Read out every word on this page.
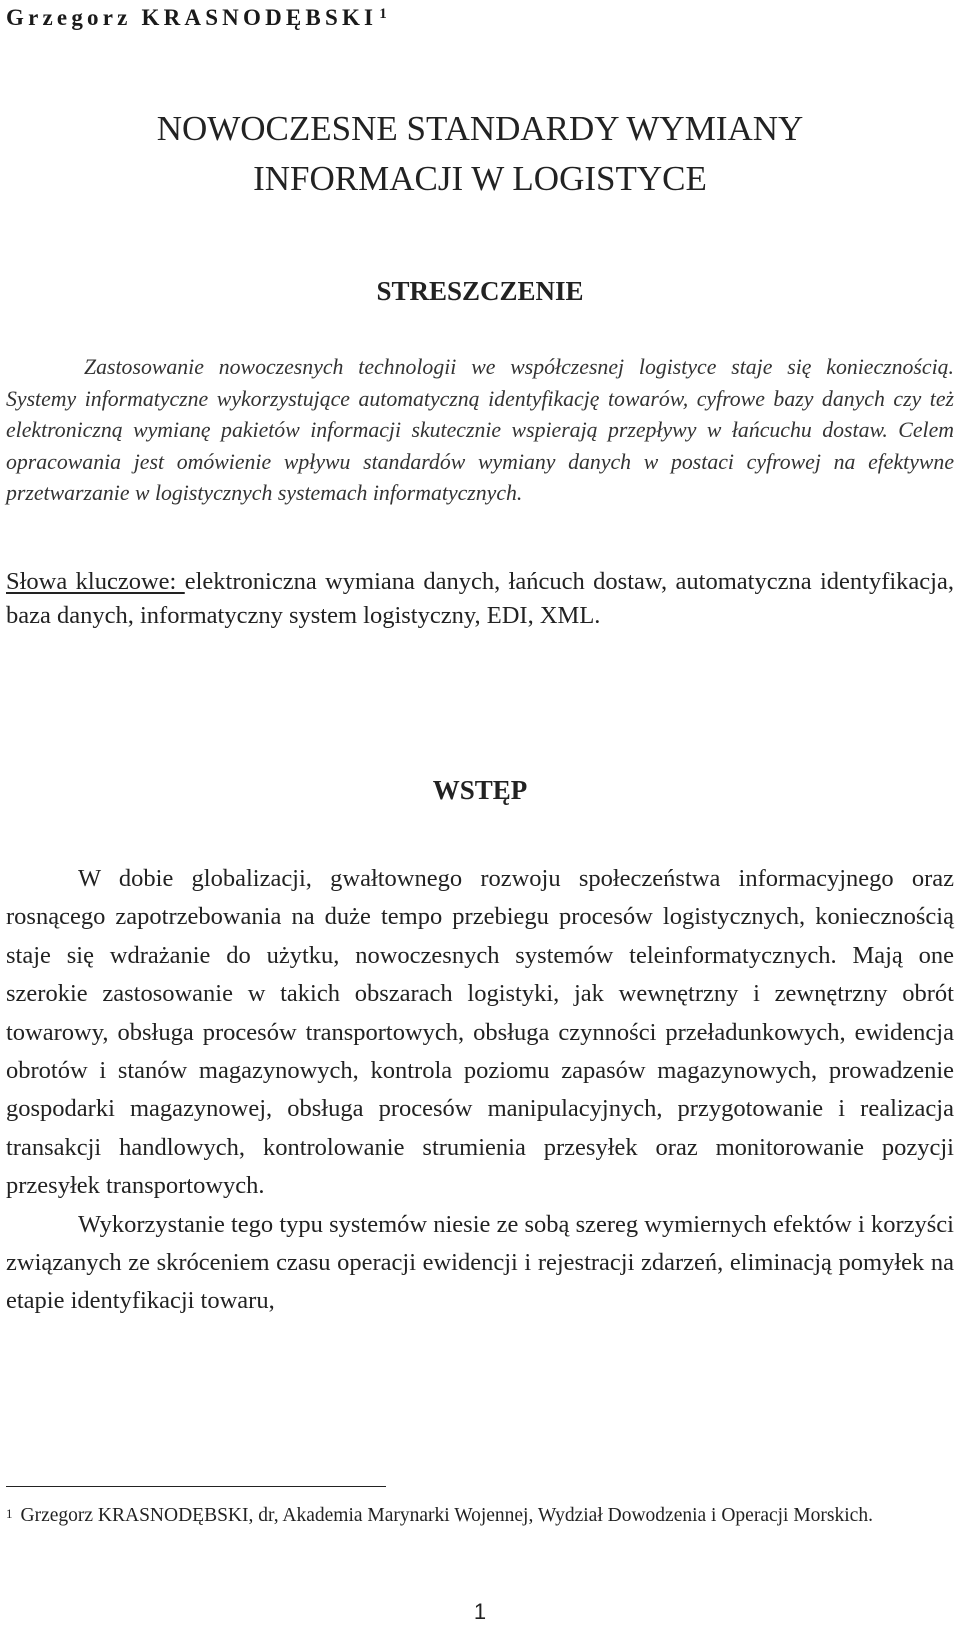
Grzegorz KRASNODĘBSKI $^1$
NOWOCZESNE STANDARDY WYMIANY
INFORMACJI W LOGISTYCE
STRESZCZENIE
Zastosowanie nowoczesnych technologii we współczesnej logistyce staje się koniecznością. Systemy informatyczne wykorzystujące automatyczną identyfikację towarów, cyfrowe bazy danych czy też elektroniczną wymianę pakietów informacji skutecznie wspierają przepływy w łańcuchu dostaw. Celem opracowania jest omówienie wpływu standardów wymiany danych w postaci cyfrowej na efektywne przetwarzanie w logistycznych systemach informatycznych.
Słowa kluczowe: elektroniczna wymiana danych, łańcuch dostaw, automatyczna identyfikacja, baza danych, informatyczny system logistyczny, EDI, XML.
WSTĘP

W dobie globalizacji, gwałtownego rozwoju społeczeństwa informacyjnego oraz rosnącego zapotrzebowania na duże tempo przebiegu procesów logistycznych, koniecznością staje się wdrażanie do użytku, nowoczesnych systemów teleinformatycznych. Mają one szerokie zastosowanie w takich obszarach logistyki, jak wewnętrzny i zewnętrzny obrót towarowy, obsługa procesów transportowych, obsługa czynności przeładunkowych, ewidencja obrotów i stanów magazynowych, kontrola poziomu zapasów magazynowych, prowadzenie gospodarki magazynowej, obsługa procesów manipulacyjnych, przygotowanie i realizacja transakcji handlowych, kontrolowanie strumienia przesyłek oraz monitorowanie pozycji przesyłek transportowych.

Wykorzystanie tego typu systemów niesie ze sobą szereg wymiernych efektów i korzyści związanych ze skróceniem czasu operacji ewidencji i rejestracji zdarzeń, eliminacją pomyłek na etapie identyfikacji towaru,

$^1$ Grzegorz KRASNODĘBSKI, dr, Akademia Marynarki Wojennej, Wydział Dowodzenia i Operacji Morskich.
1
